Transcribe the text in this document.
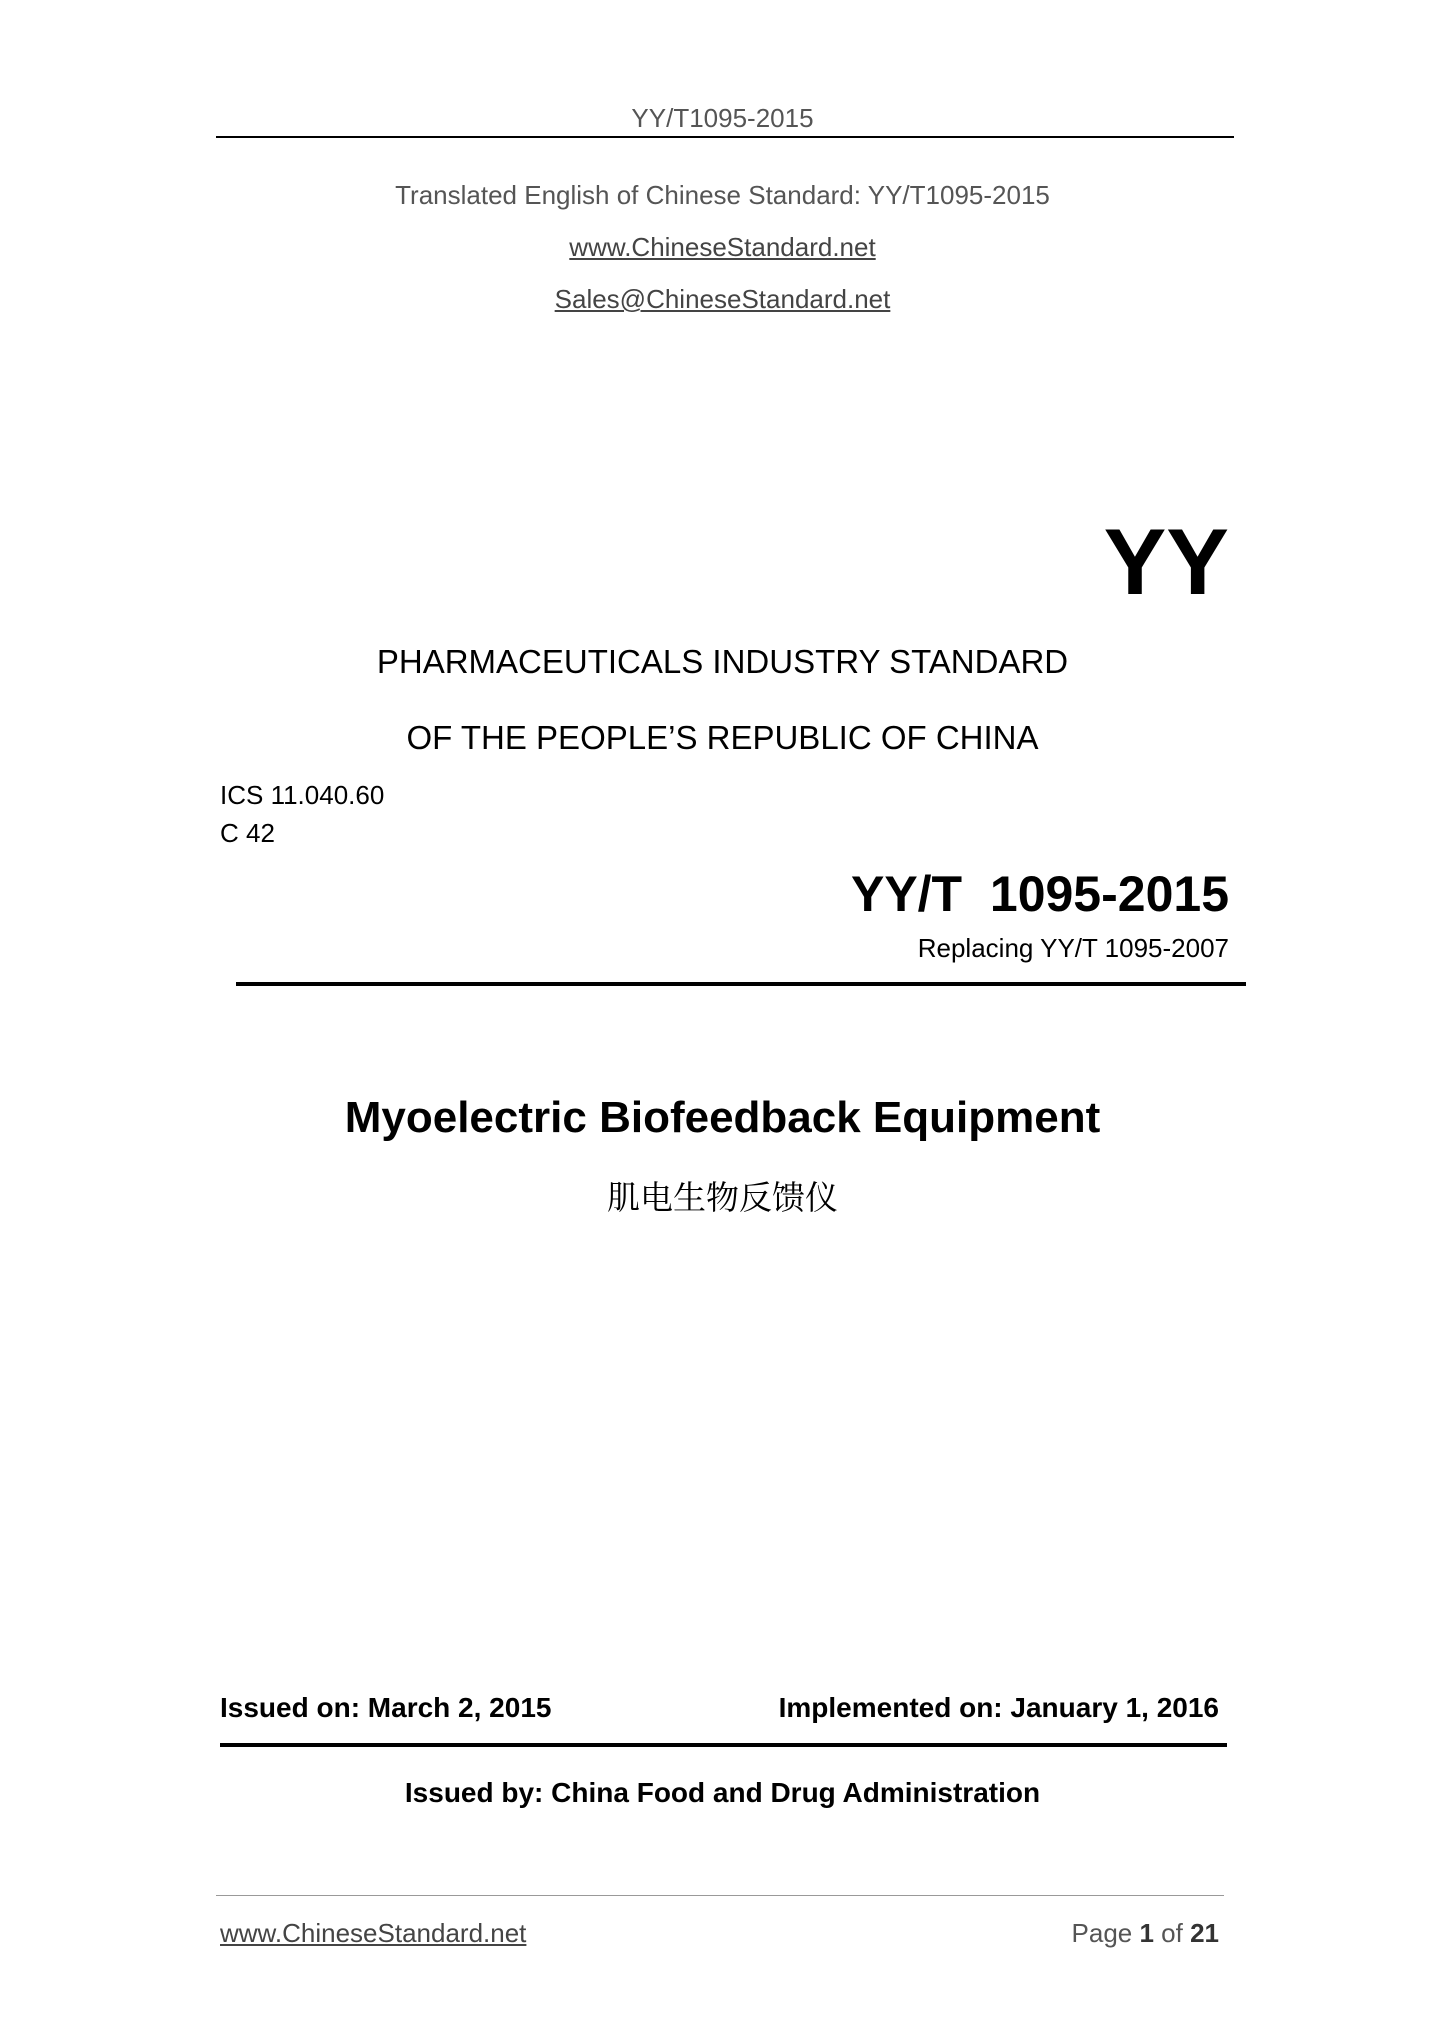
YY/T1095-2015
Translated English of Chinese Standard: YY/T1095-2015
www.ChineseStandard.net
Sales@ChineseStandard.net
YY
PHARMACEUTICALS INDUSTRY STANDARD
OF THE PEOPLE’S REPUBLIC OF CHINA
ICS 11.040.60
C 42
YY/T  1095-2015
Replacing YY/T 1095-2007
Myoelectric Biofeedback Equipment
肌电生物反馈仪
Issued on: March 2, 2015	Implemented on: January 1, 2016
Issued by: China Food and Drug Administration
www.ChineseStandard.net	Page 1 of 21
